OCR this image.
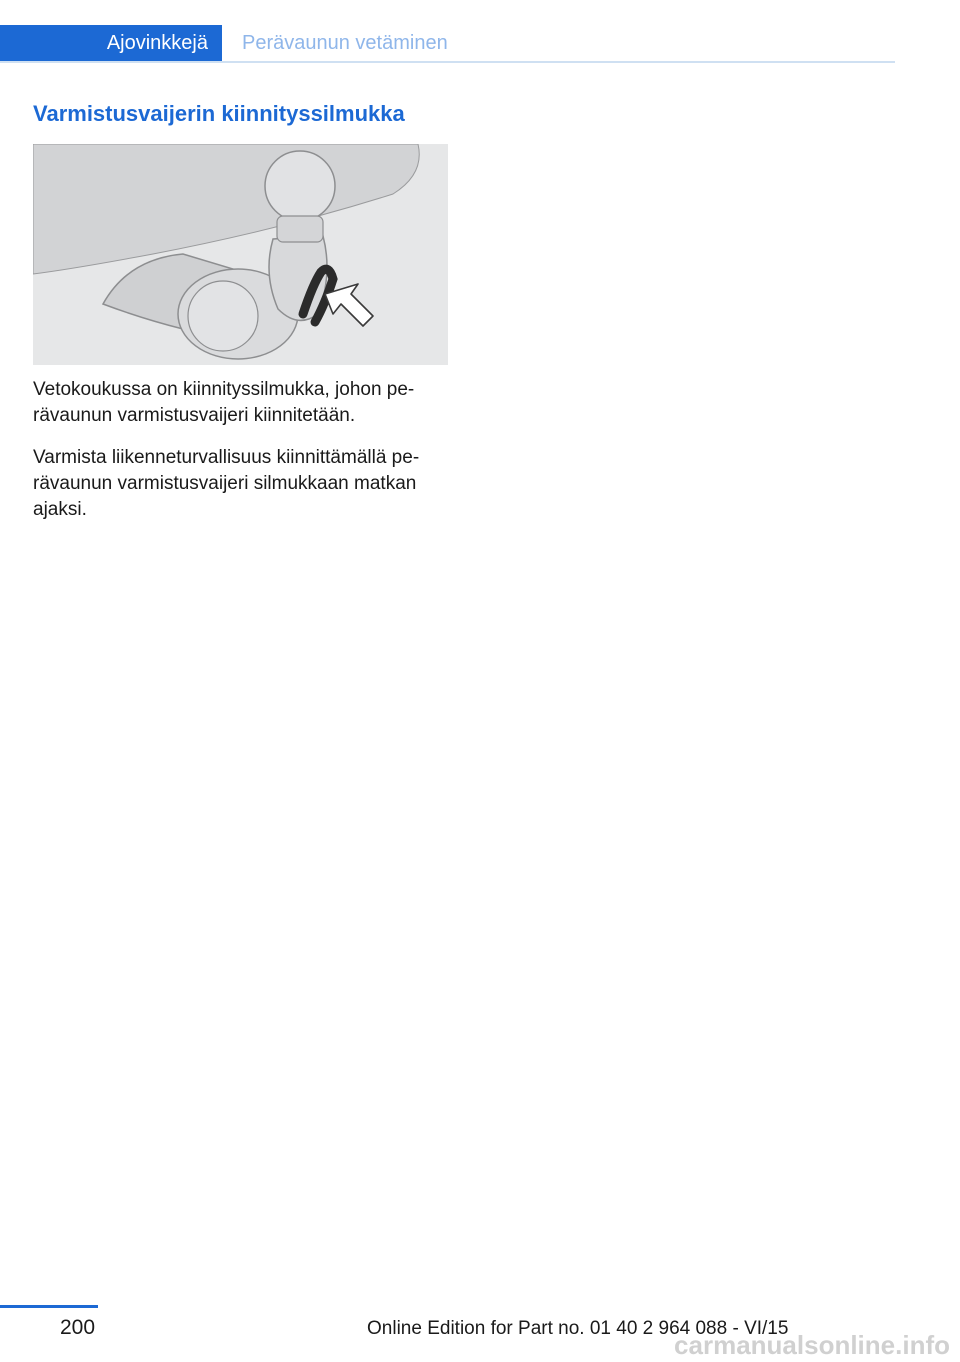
Ajovinkkejä	Perävaunun vetäminen
Varmistusvaijerin kiinnityssilmukka

Vetokoukussa on kiinnityssilmukka, johon pe‐rävaunun varmistusvaijeri kiinnitetään.

Varmista liikenneturvallisuus kiinnittämällä pe‐rävaunun varmistusvaijeri silmukkaan matkan ajaksi.

200	Online Edition for Part no. 01 40 2 964 088 - VI/15
carmanualsonline.info
